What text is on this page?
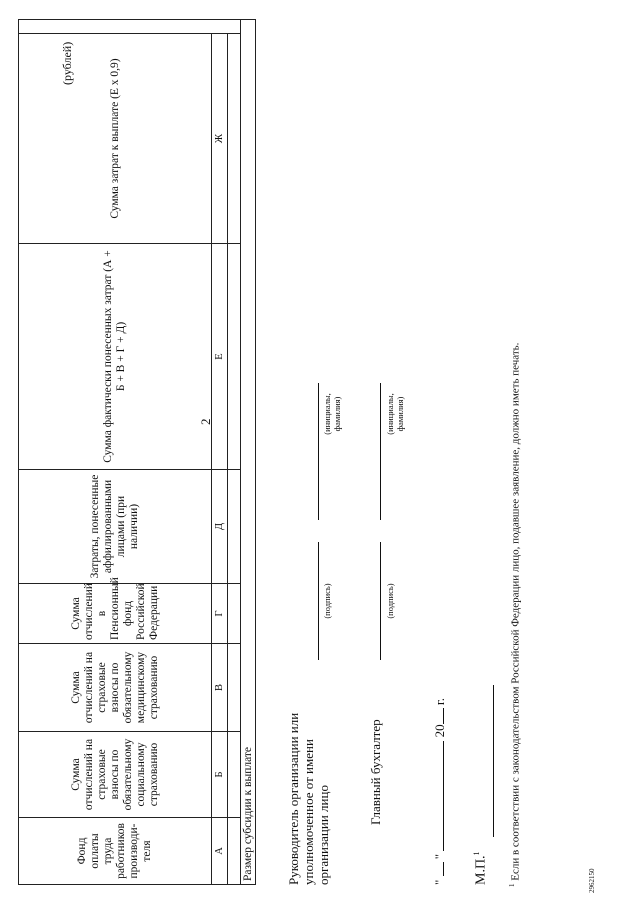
2
(рублей)
Фонд оплаты труда работников производи-теля	Сумма отчислений на страховые взносы по обязательному социальному страхованию	Сумма отчислений на страховые взносы по обязательному медицинскому страхованию	Сумма отчислений в Пенсионный фонд Российской Федерации	Затраты, понесенные аффилированными лицами (при наличии)	Сумма фактически понесенных затрат (А + Б + В + Г + Д)	Сумма затрат к выплате (Е х 0,9)	
А	Б	В	Г	Д	Е	Ж	

Размер субсидии к выплате								Руководитель организации или уполномоченное от имени организации лицо
(подпись)
(инициалы, фамилия)
Главный бухгалтер
(подпись)
(инициалы, фамилия)
"  "  20 г.
М.П.$^1$
$^1$ Если в соответствии с законодательством Российской Федерации лицо, подавшее заявление, должно иметь печать.	2962150
